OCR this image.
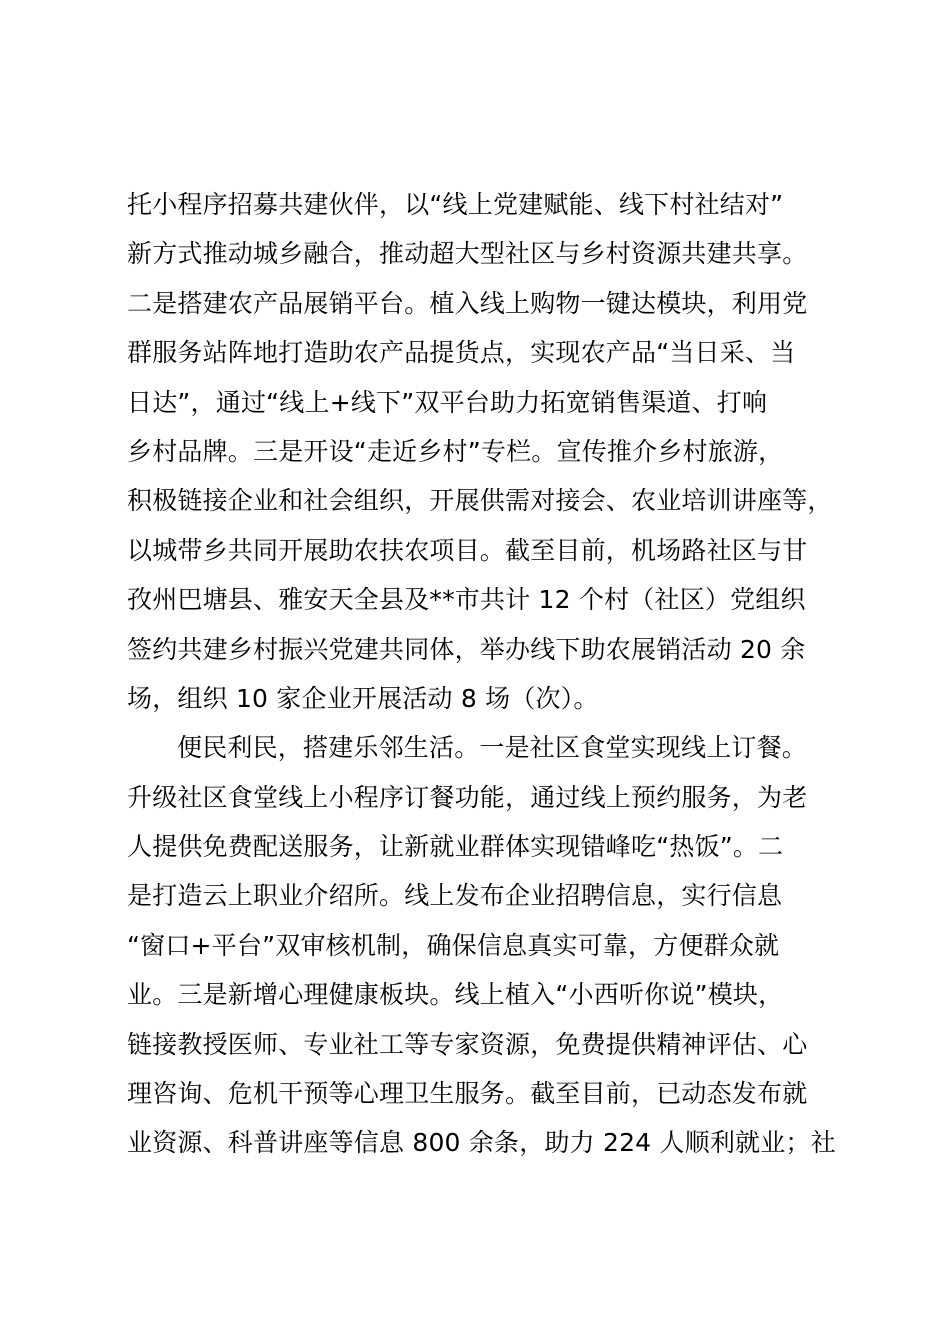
托小程序招募共建伙伴，以“线上党建赋能、线下村社结对”
新方式推动城乡融合，推动超大型社区与乡村资源共建共享。
二是搭建农产品展销平台。植入线上购物一键达模块，利用党
群服务站阵地打造助农产品提货点，实现农产品“当日采、当
日达”，通过“线上+线下”双平台助力拓宽销售渠道、打响
乡村品牌。三是开设“走近乡村”专栏。宣传推介乡村旅游，
积极链接企业和社会组织，开展供需对接会、农业培训讲座等，
以城带乡共同开展助农扶农项目。截至目前，机场路社区与甘
孜州巴塘县、雅安天全县及**市共计 12 个村（社区）党组织
签约共建乡村振兴党建共同体，举办线下助农展销活动 20 余
场，组织 10 家企业开展活动 8 场（次）。
便民利民，搭建乐邻生活。一是社区食堂实现线上订餐。
升级社区食堂线上小程序订餐功能，通过线上预约服务，为老
人提供免费配送服务，让新就业群体实现错峰吃“热饭”。二
是打造云上职业介绍所。线上发布企业招聘信息，实行信息
“窗口+平台”双审核机制，确保信息真实可靠，方便群众就
业。三是新增心理健康板块。线上植入“小西听你说”模块，
链接教授医师、专业社工等专家资源，免费提供精神评估、心
理咨询、危机干预等心理卫生服务。截至目前，已动态发布就
业资源、科普讲座等信息 800 余条，助力 224 人顺利就业；社
